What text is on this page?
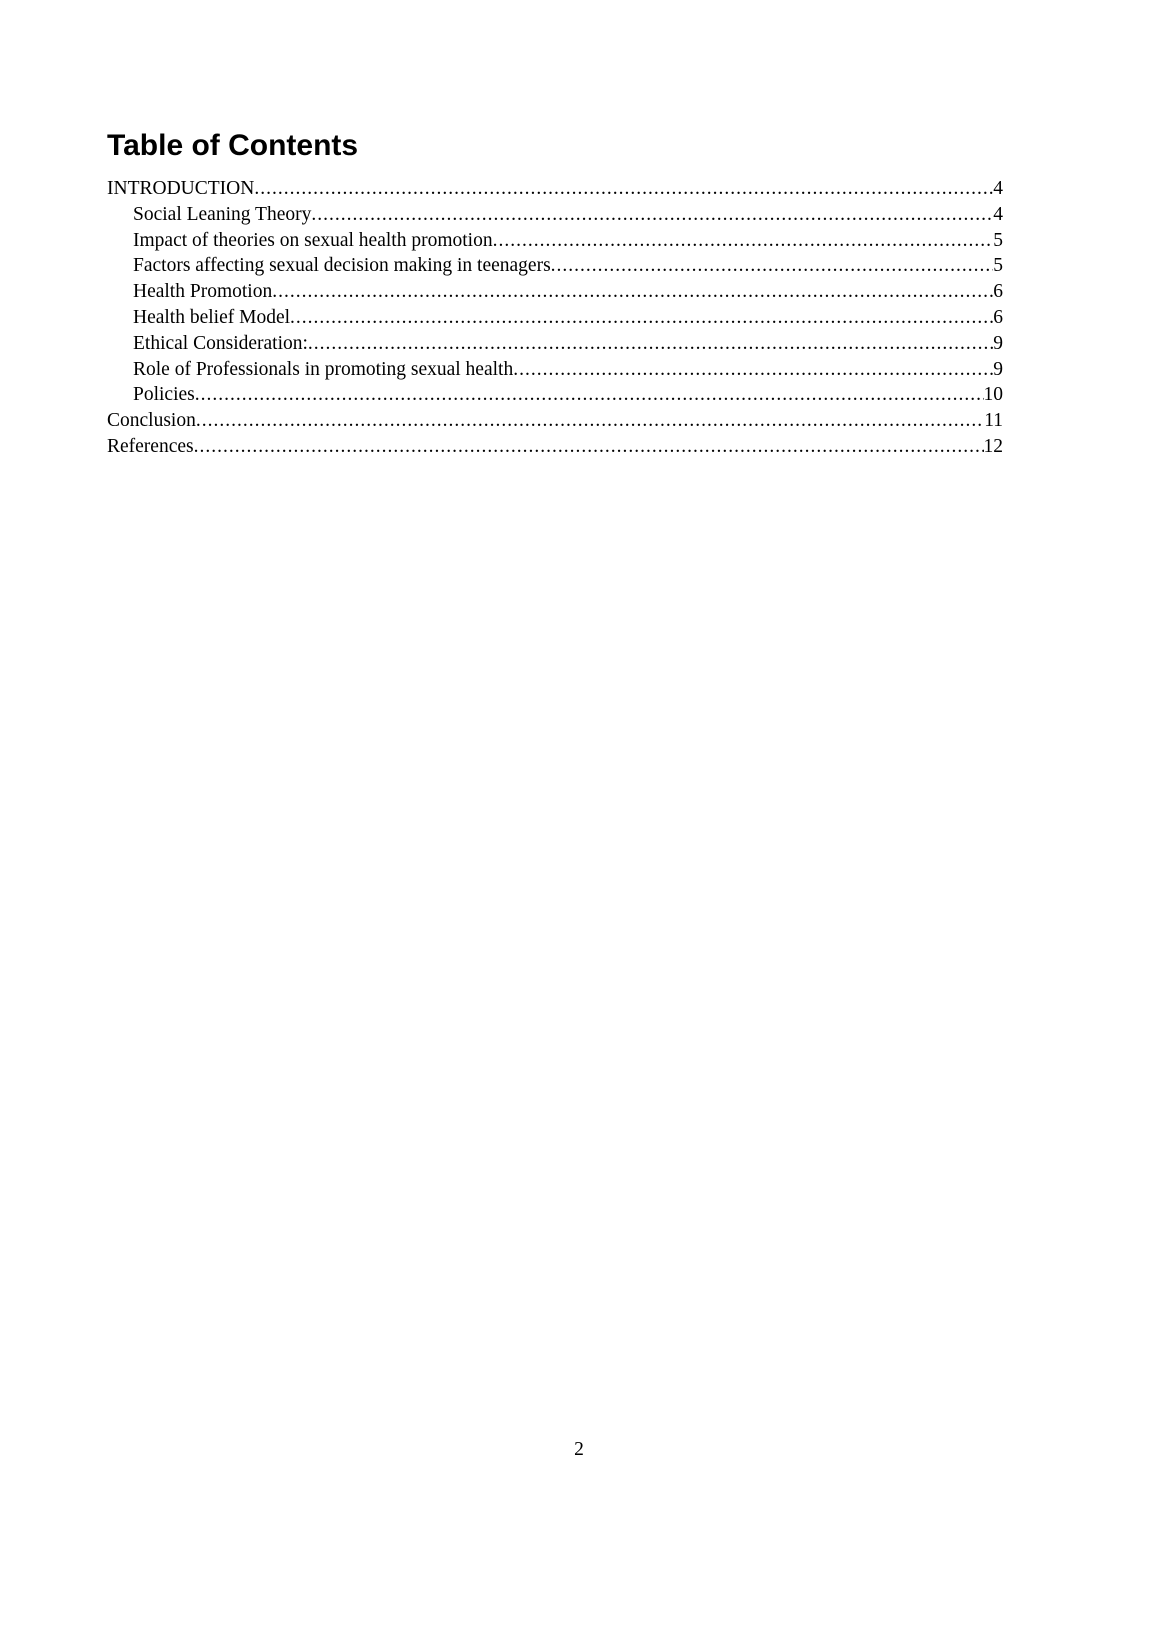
Table of Contents
INTRODUCTION .....	4
Social Leaning Theory .....	4
Impact of theories on sexual health promotion .....	5
Factors affecting sexual decision making in teenagers .....	5
Health Promotion .....	6
Health belief Model .....	6
Ethical Consideration: .....	9
Role of Professionals in promoting sexual health .....	9
Policies .....	10
Conclusion .....	11
References .....	12
2
